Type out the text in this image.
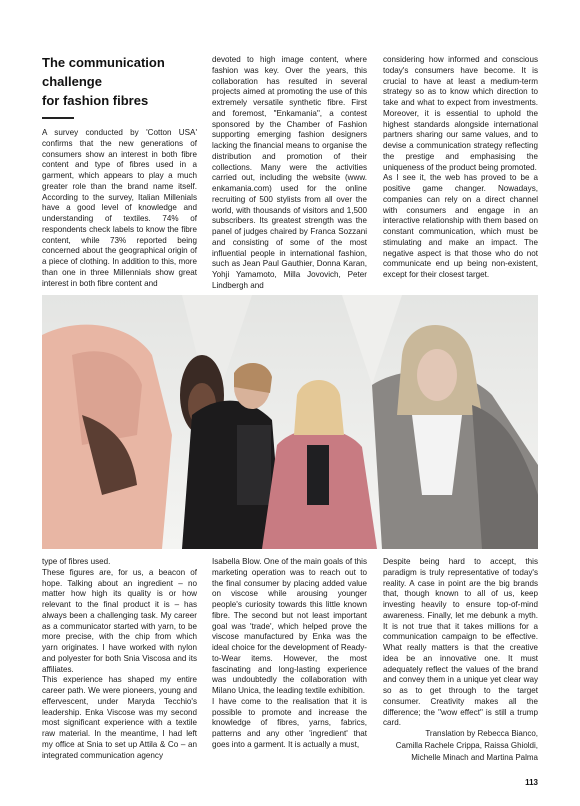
The communication
challenge
for fashion fibres

A survey conducted by 'Cotton USA' confirms that the new generations of consumers show an interest in both fibre content and type of fibres used in a garment, which appears to play a much greater role than the brand name itself. According to the survey, Italian Millenials have a good level of knowledge and understanding of textiles. 74% of respondents check labels to know the fibre content, while 73% reported being concerned about the geographical origin of a piece of clothing. In addition to this, more than one in three Millennials show great interest in both fibre content and

devoted to high image content, where fashion was key. Over the years, this collaboration has resulted in several projects aimed at promoting the use of this extremely versatile synthetic fibre. First and foremost, "Enkamania", a contest sponsored by the Chamber of Fashion supporting emerging fashion designers lacking the financial means to organise the distribution and promotion of their collections. Many were the activities carried out, including the website (www. enkamania.com) used for the online recruiting of 500 stylists from all over the world, with thousands of visitors and 1,500 subscribers. Its greatest strength was the panel of judges chaired by Franca Sozzani and consisting of some of the most influential people in international fashion, such as Jean Paul Gauthier, Donna Karan, Yohji Yamamoto, Milla Jovovich, Peter Lindbergh and

considering how informed and conscious today's consumers have become. It is crucial to have at least a medium-term strategy so as to know which direction to take and what to expect from investments. Moreover, it is essential to uphold the highest standards alongside international partners sharing our same values, and to devise a communication strategy reflecting the prestige and emphasising the uniqueness of the product being promoted.

As I see it, the web has proved to be a positive game changer. Nowadays, companies can rely on a direct channel with consumers and engage in an interactive relationship with them based on constant communication, which must be stimulating and make an impact. The negative aspect is that those who do not communicate end up being non-existent, except for their closest target.

type of fibres used.

These figures are, for us, a beacon of hope. Talking about an ingredient – no matter how high its quality is or how relevant to the final product it is – has always been a challenging task. My career as a communicator started with yarn, to be more precise, with the chip from which yarn originates. I have worked with nylon and polyester for both Snia Viscosa and its affiliates.

This experience has shaped my entire career path. We were pioneers, young and effervescent, under Maryda Tecchio's leadership. Enka Viscose was my second most significant experience with a textile raw material. In the meantime, I had left my office at Snia to set up Attila & Co – an integrated communication agency

Isabella Blow. One of the main goals of this marketing operation was to reach out to the final consumer by placing added value on viscose while arousing younger people's curiosity towards this little known fibre. The second but not least important goal was 'trade', which helped prove the viscose manufactured by Enka was the ideal choice for the development of Ready-to-Wear items. However, the most fascinating and long-lasting experience was undoubtedly the collaboration with Milano Unica, the leading textile exhibition.

I have come to the realisation that it is possible to promote and increase the knowledge of fibres, yarns, fabrics, patterns and any other 'ingredient' that goes into a garment. It is actually a must,

Despite being hard to accept, this paradigm is truly representative of today's reality. A case in point are the big brands that, though known to all of us, keep investing heavily to ensure top-of-mind awareness. Finally, let me debunk a myth. It is not true that it takes millions for a communication campaign to be effective. What really matters is that the creative idea be an innovative one. It must adequately reflect the values of the brand and convey them in a unique yet clear way so as to get through to the target consumer. Creativity makes all the difference; the "wow effect" is still a trump card.

Translation by Rebecca Bianco,
Camilla Rachele Crippa, Raissa Ghioldi,
Michelle Minach and Martina Palma
113
